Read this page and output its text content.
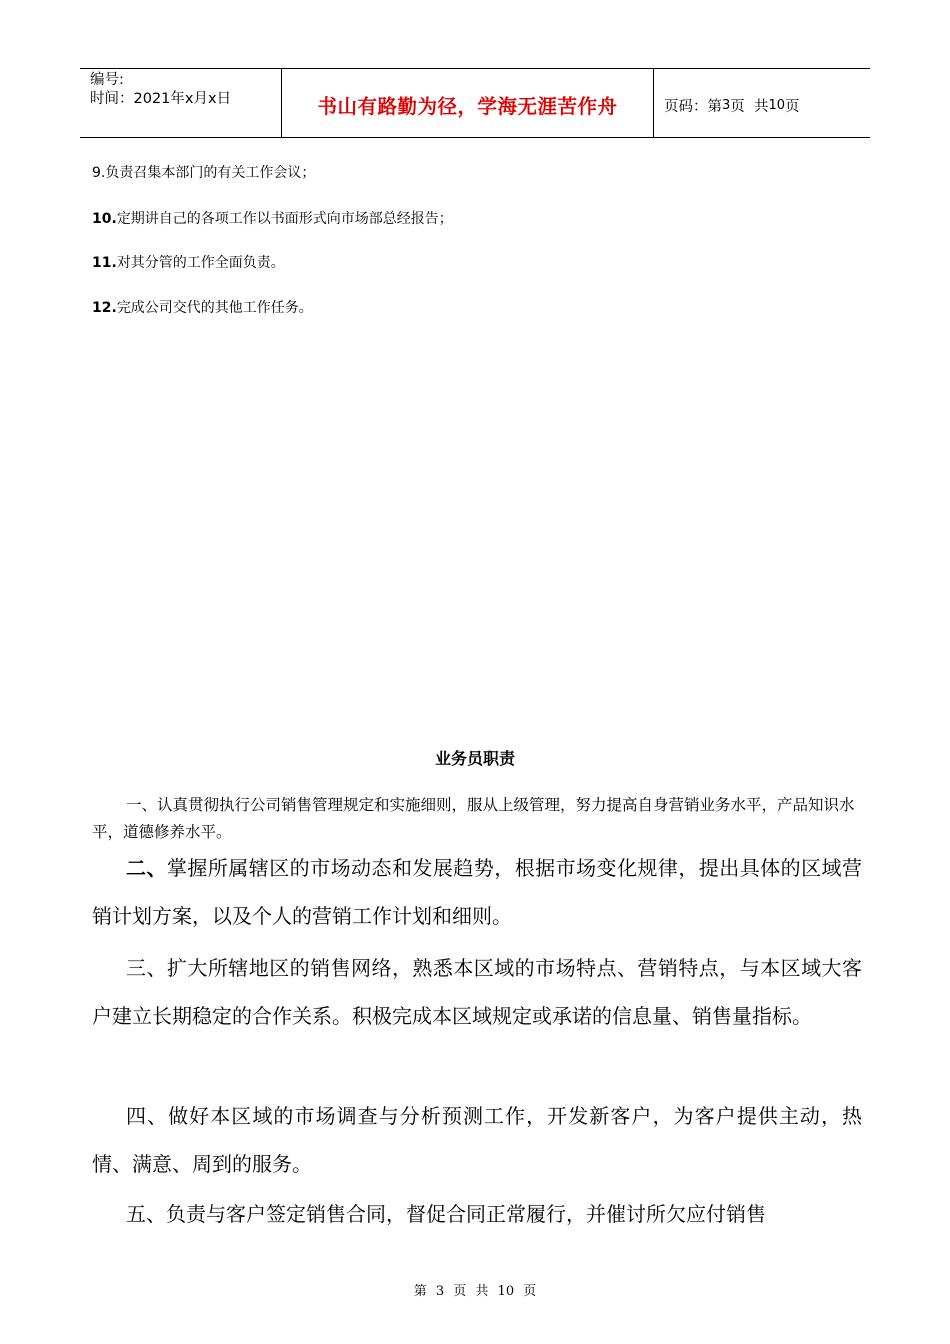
编号:
时间：2021年x月x日	书山有路勤为径，学海无涯苦作舟	页码：第 3 页  共 10 页
9.负责召集本部门的有关工作会议；
10.定期讲自己的各项工作以书面形式向市场部总经报告；
11.对其分管的工作全面负责。
12.完成公司交代的其他工作任务。
业务员职责

一、认真贯彻执行公司销售管理规定和实施细则，服从上级管理，努力提高自身营销业务水平，产品知识水平，道德修养水平。

二、掌握所属辖区的市场动态和发展趋势，根据市场变化规律，提出具体的区域营销计划方案，以及个人的营销工作计划和细则。

三、扩大所辖地区的销售网络，熟悉本区域的市场特点、营销特点，与本区域大客户建立长期稳定的合作关系。积极完成本区域规定或承诺的信息量、销售量指标。

四、做好本区域的市场调查与分析预测工作，开发新客户，为客户提供主动，热情、满意、周到的服务。

五、负责与客户签定销售合同，督促合同正常履行，并催讨所欠应付销售

第 3 页 共 10 页
